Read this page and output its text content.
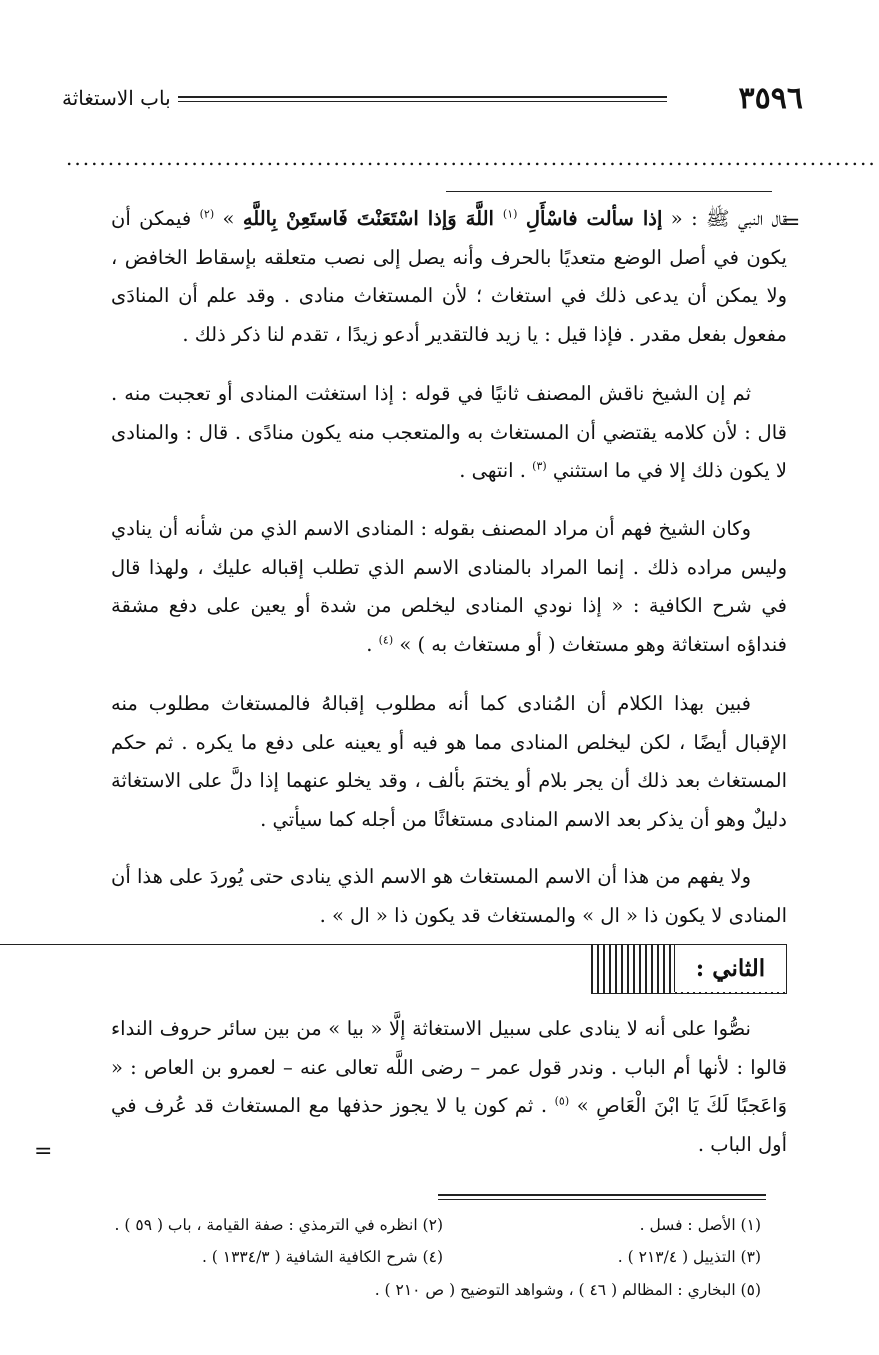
٣٥٩٦
باب الاستغاثة
.................................................................................................
=

قال النبي ﷺ : « إذا سألت فاسْأَلِ $^{(١)}$ اللَّهَ وَإذا اسْتَعَنْتَ فَاستَعِنْ بِاللَّهِ » $^{(٢)}$ فيمكن أن يكون في أصل الوضع متعديًا بالحرف وأنه يصل إلى نصب متعلقه بإسقاط الخافض ، ولا يمكن أن يدعى ذلك في استغاث ؛ لأن المستغاث منادى . وقد علم أن المنادَى مفعول بفعل مقدر . فإذا قيل : يا زيد فالتقدير أدعو زيدًا ، تقدم لنا ذكر ذلك .

ثم إن الشيخ ناقش المصنف ثانيًا في قوله : إذا استغثت المنادى أو تعجبت منه . قال : لأن كلامه يقتضي أن المستغاث به والمتعجب منه يكون منادًى . قال : والمنادى لا يكون ذلك إلا في ما استثني $^{(٣)}$ . انتهى .

وكان الشيخ فهم أن مراد المصنف بقوله : المنادى الاسم الذي من شأنه أن ينادي وليس مراده ذلك . إنما المراد بالمنادى الاسم الذي تطلب إقباله عليك ، ولهذا قال في شرح الكافية : « إذا نودي المنادى ليخلص من شدة أو يعين على دفع مشقة فنداؤه استغاثة وهو مستغاث ( أو مستغاث به ) » $^{(٤)}$ .

فبين بهذا الكلام أن المُنادى كما أنه مطلوب إقبالهُ فالمستغاث مطلوب منه الإقبال أيضًا ، لكن ليخلص المنادى مما هو فيه أو يعينه على دفع ما يكره . ثم حكم المستغاث بعد ذلك أن يجر بلام أو يختمَ بألف ، وقد يخلو عنهما إذا دلَّ على الاستغاثة دليلٌ وهو أن يذكر بعد الاسم المنادى مستغاثًا من أجله كما سيأتي .

ولا يفهم من هذا أن الاسم المستغاث هو الاسم الذي ينادى حتى يُوردَ على هذا أن المنادى لا يكون ذا « ال » والمستغاث قد يكون ذا « ال » .

الثاني :

نصُّوا على أنه لا ينادى على سبيل الاستغاثة إلَّا « بيا » من بين سائر حروف النداء قالوا : لأنها أم الباب . وندر قول عمر – رضى اللَّه تعالى عنه – لعمرو بن العاص : « وَاعَجبًا لَكَ يَا ابْنَ الْعَاصِ » $^{(٥)}$ . ثم كون يا لا يجوز حذفها مع المستغاث قد عُرف في أول الباب .

=
(١) الأصل : فسل .
(٢) انظره في الترمذي : صفة القيامة ، باب ( ٥٩ ) .
(٣) التذييل ( ٢١٣/٤ ) .
(٤) شرح الكافية الشافية ( ١٣٣٤/٣ ) .
(٥) البخاري : المظالم ( ٤٦ ) ، وشواهد التوضيح ( ص ٢١٠ ) .
